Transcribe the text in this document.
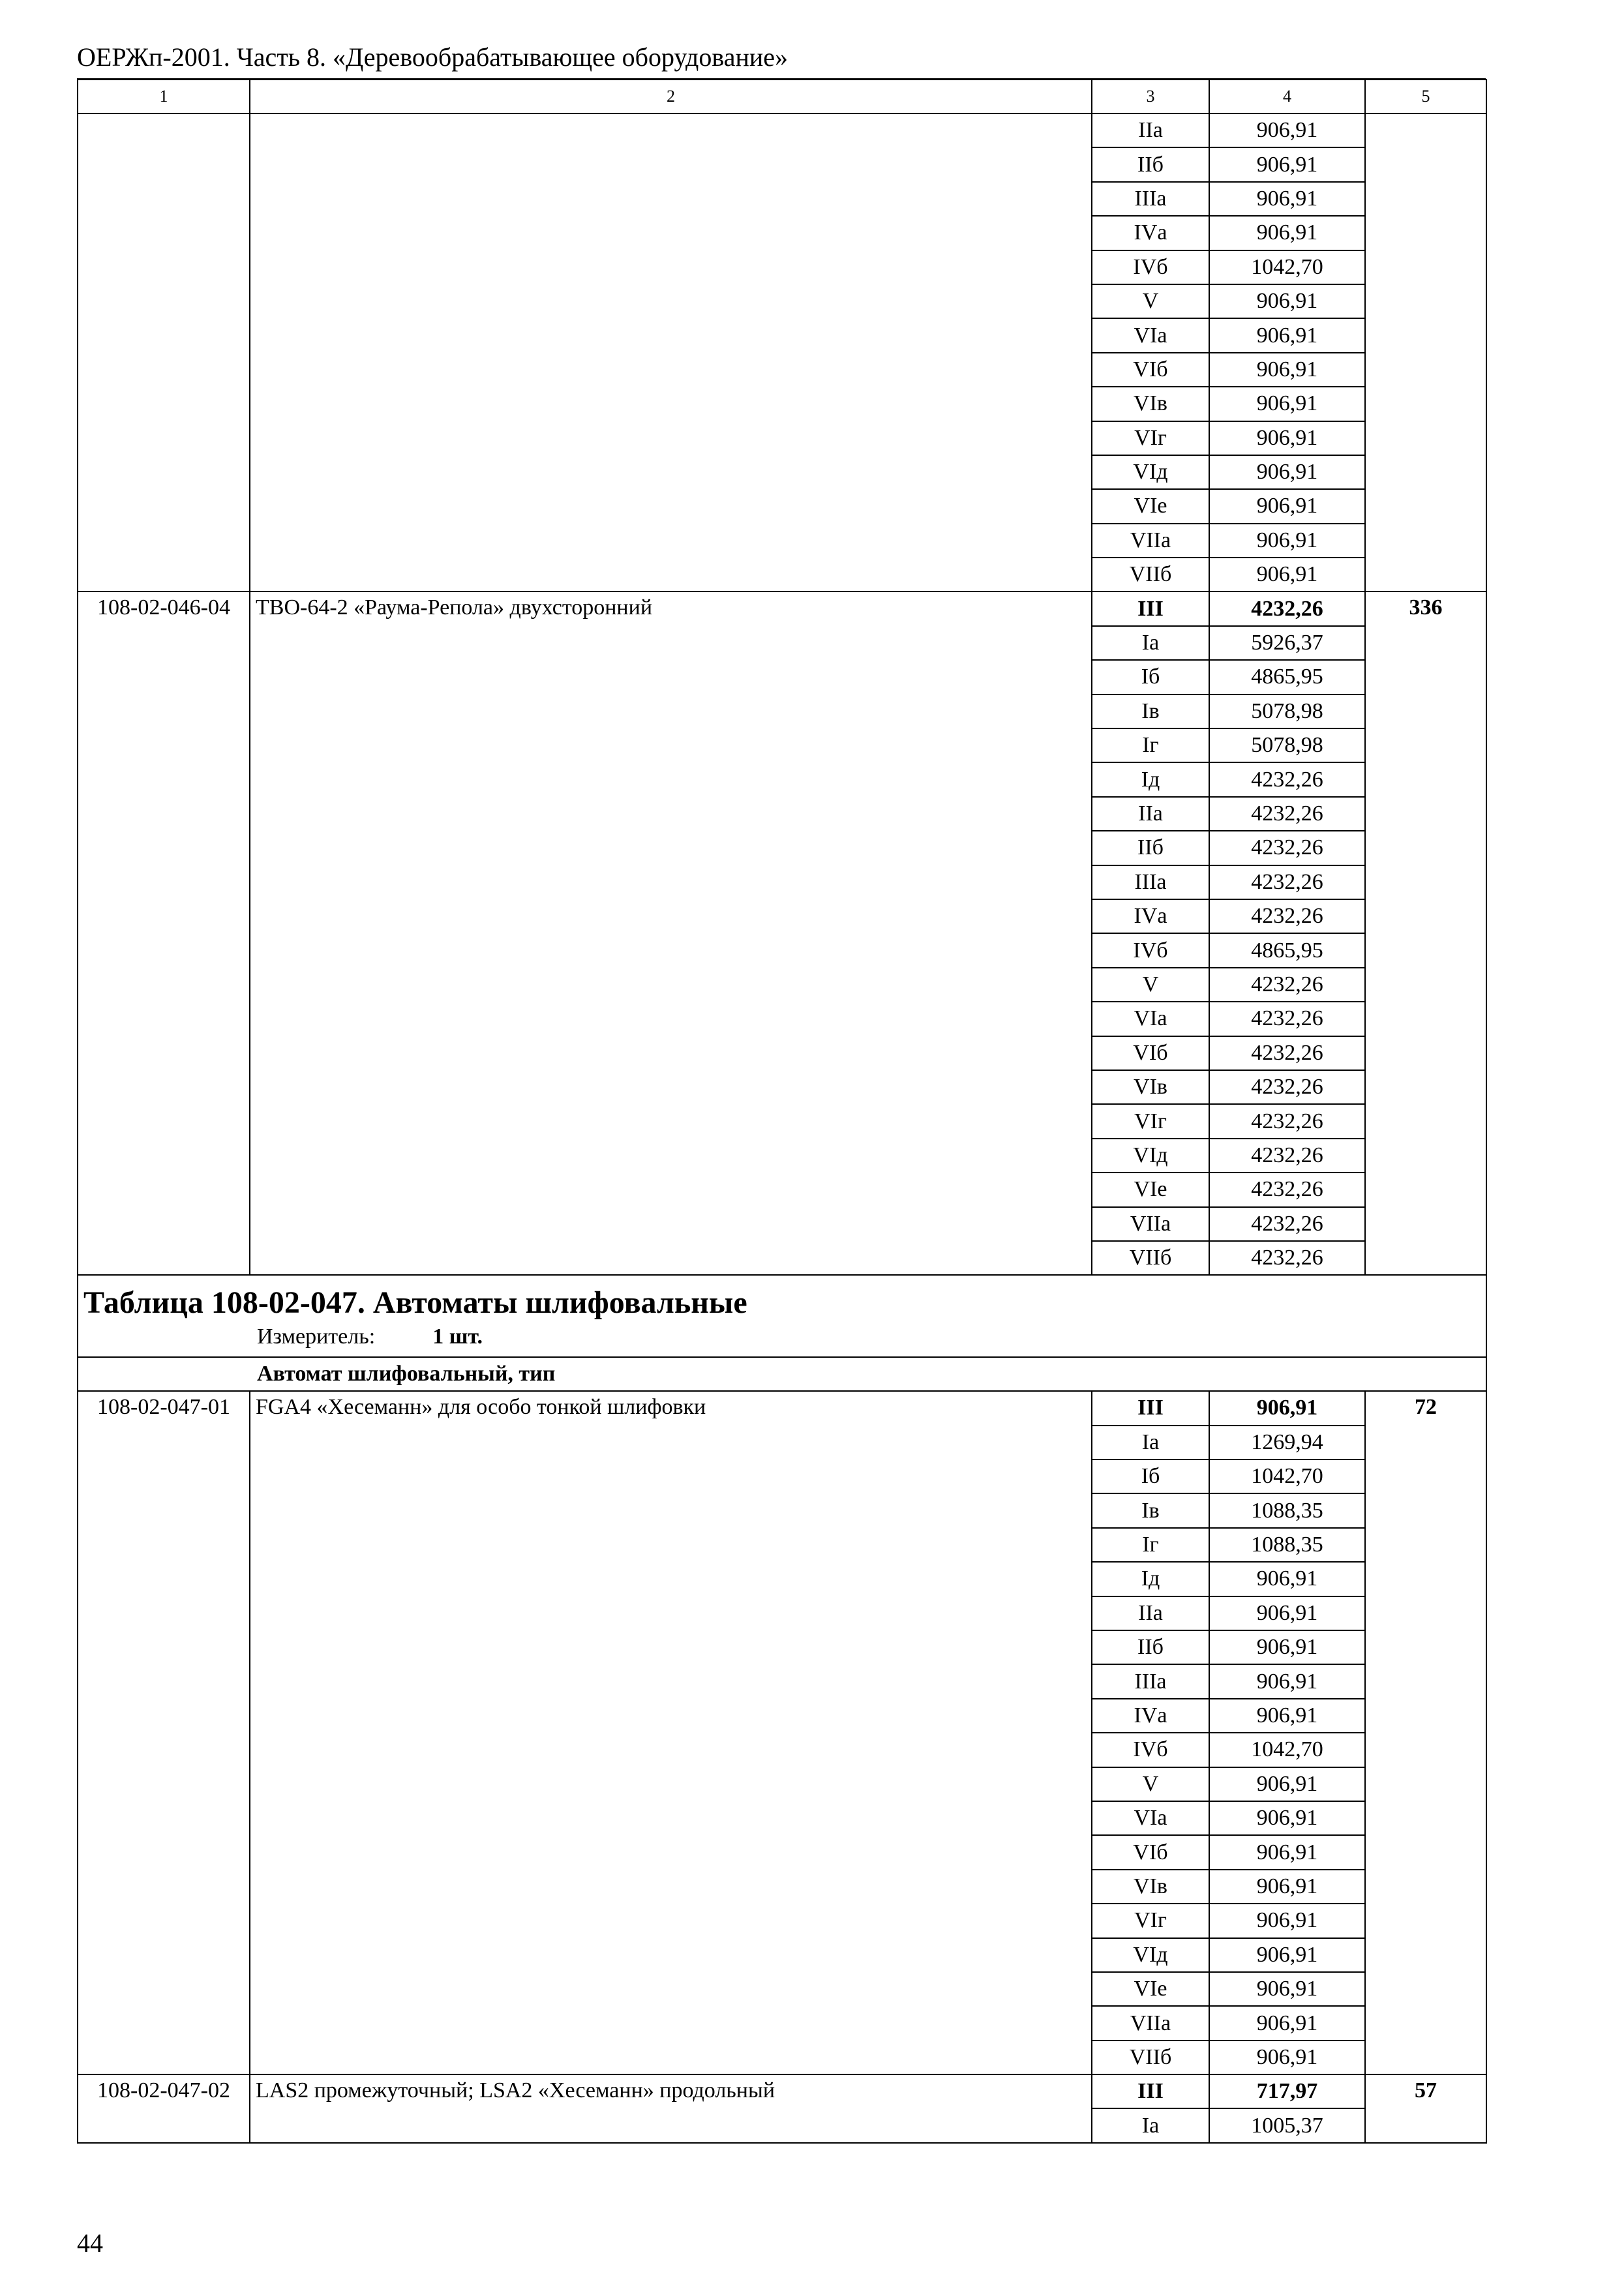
ОЕРЖп-2001. Часть 8. «Деревообрабатывающее оборудование»
1	2	3	4	5
		IIа	906,91	
		IIб	906,91	
		IIIа	906,91	
		IVа	906,91	
		IVб	1042,70	
		V	906,91	
		VIа	906,91	
		VIб	906,91	
		VIв	906,91	
		VIг	906,91	
		VIд	906,91	
		VIе	906,91	
		VIIа	906,91	
		VIIб	906,91	
108-02-046-04	ТВО-64-2 «Раума-Репола» двухсторонний	III	4232,26	336
		Iа	5926,37	
		Iб	4865,95	
		Iв	5078,98	
		Iг	5078,98	
		Iд	4232,26	
		IIа	4232,26	
		IIб	4232,26	
		IIIа	4232,26	
		IVа	4232,26	
		IVб	4865,95	
		V	4232,26	
		VIа	4232,26	
		VIб	4232,26	
		VIв	4232,26	
		VIг	4232,26	
		VIд	4232,26	
		VIе	4232,26	
		VIIа	4232,26	
		VIIб	4232,26	

Таблица 108-02-047. Автоматы шлифовальные
Измеритель: 1 шт.				

Автомат шлифовальный, тип				
108-02-047-01	FGA4 «Хесеманн» для особо тонкой шлифовки	III	906,91	72
		Iа	1269,94	
		Iб	1042,70	
		Iв	1088,35	
		Iг	1088,35	
		Iд	906,91	
		IIа	906,91	
		IIб	906,91	
		IIIа	906,91	
		IVа	906,91	
		IVб	1042,70	
		V	906,91	
		VIа	906,91	
		VIб	906,91	
		VIв	906,91	
		VIг	906,91	
		VIд	906,91	
		VIе	906,91	
		VIIа	906,91	
		VIIб	906,91	
108-02-047-02	LAS2 промежуточный; LSA2 «Хесеманн» продольный	III	717,97	57
		Iа	1005,37	
44
